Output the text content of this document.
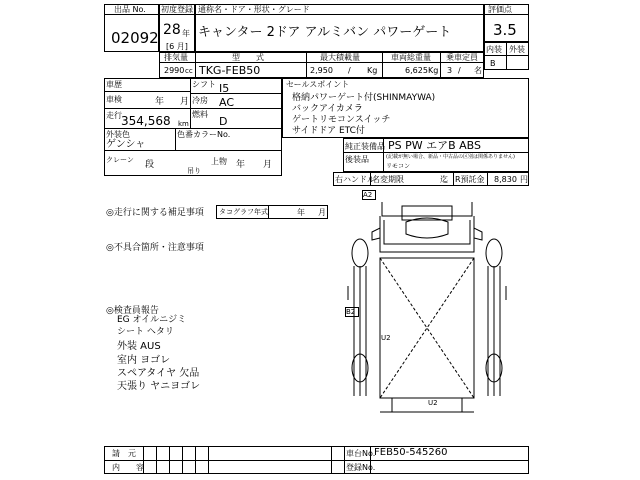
出品 No.
02092
初度登録
28 年
[6 月]
通称名・ドア・形状・グレード
キャンター 2ドア アルミバン パワーゲート
評価点
3.5
内装 外装
B
排気量	型　　式	最大積載量	車両総重量 乗車定員
2990 cc TKG-FEB50	2,950 / Kg	6,625 Kg 3 / 名
車歴
車検	年 月
走行 354,568 km
シフト I5
冷房 AC
燃料
D
外装色	色番 カラーNo.
ゲンシャ
クレーン 段	上物
吊り
年 月
セールスポイント
格納パワーゲート付(SHINMAYWA)
バックアイカメラ
ゲートリモコンスイッチ
サイドドア ETC付
純正装備品 PS PW エアB ABS
後装品	(記載が無い場合、新品・中古品の区別は関係ありません)
リモコン
右ハンドル
名変期限	迄 R預託金 8,830 円
◎走行に関する補足事項 タコグラフ年式	年 月
◎不具合箇所・注意事項
◎検査員報告
EG オイルニジミ
シート ヘタリ
外装 AUS
室内 ヨゴレ
スペアタイヤ 欠品
天張り ヤニヨゴレ
A2
B2
U2
U2
請　元
内　　容
車台No.
FEB50-545260
登録No.
